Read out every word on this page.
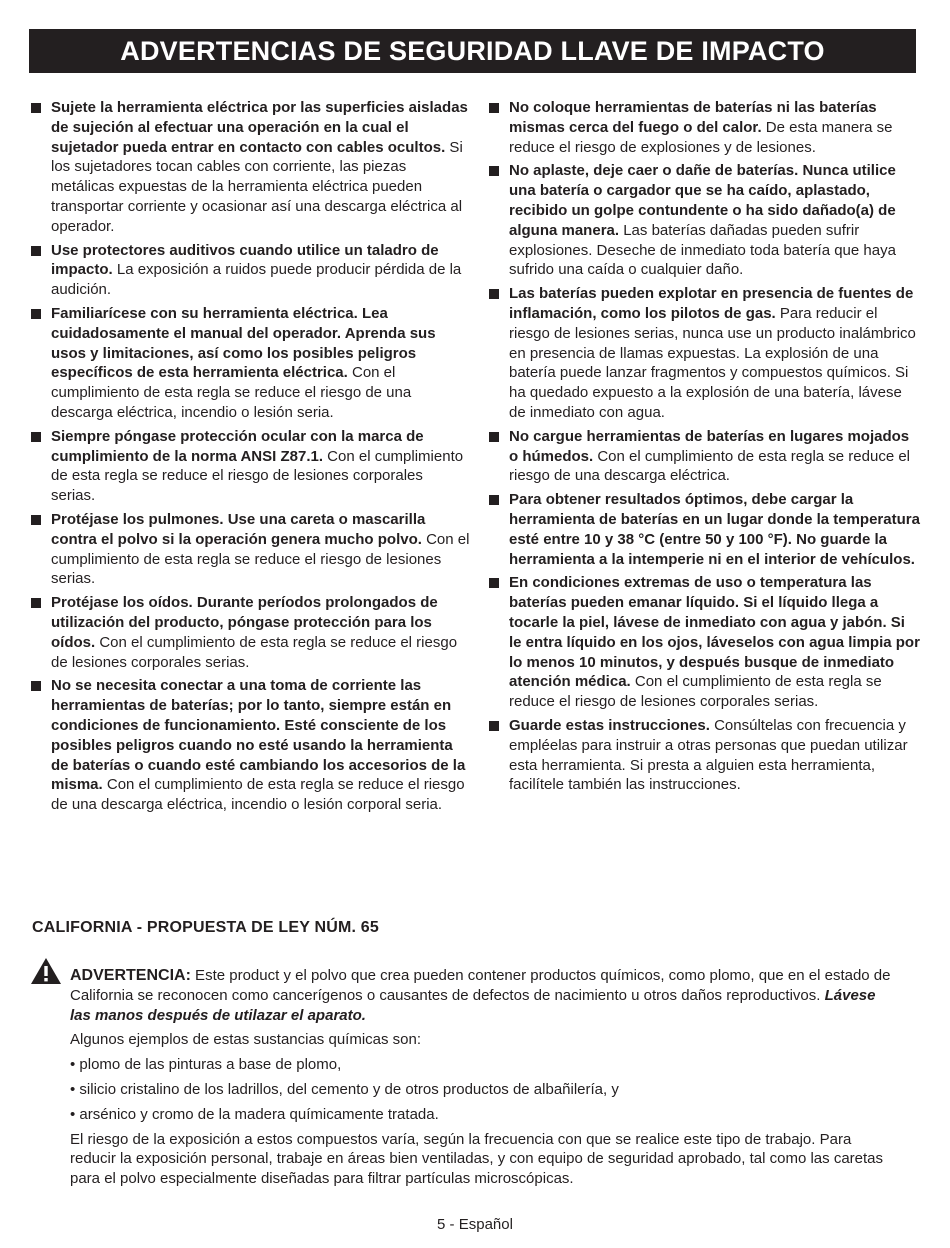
ADVERTENCIAS DE SEGURIDAD LLAVE DE IMPACTO
Sujete la herramienta eléctrica por las superficies aisladas de sujeción al efectuar una operación en la cual el sujetador pueda entrar en contacto con cables ocultos. Si los sujetadores tocan cables con corriente, las piezas metálicas expuestas de la herramienta eléctrica pueden transportar corriente y ocasionar así una descarga eléctrica al operador.
Use protectores auditivos cuando utilice un taladro de impacto. La exposición a ruidos puede producir pérdida de la audición.
Familiarícese con su herramienta eléctrica. Lea cuidadosamente el manual del operador. Aprenda sus usos y limitaciones, así como los posibles peligros específicos de esta herramienta eléctrica. Con el cumplimiento de esta regla se reduce el riesgo de una descarga eléctrica, incendio o lesión seria.
Siempre póngase protección ocular con la marca de cumplimiento de la norma ANSI Z87.1. Con el cumplimiento de esta regla se reduce el riesgo de lesiones corporales serias.
Protéjase los pulmones. Use una careta o mascarilla contra el polvo si la operación genera mucho polvo. Con el cumplimiento de esta regla se reduce el riesgo de lesiones serias.
Protéjase los oídos. Durante períodos prolongados de utilización del producto, póngase protección para los oídos. Con el cumplimiento de esta regla se reduce el riesgo de lesiones corporales serias.
No se necesita conectar a una toma de corriente las herramientas de baterías; por lo tanto, siempre están en condiciones de funcionamiento. Esté consciente de los posibles peligros cuando no esté usando la herramienta de baterías o cuando esté cambiando los accesorios de la misma. Con el cumplimiento de esta regla se reduce el riesgo de una descarga eléctrica, incendio o lesión corporal seria.
No coloque herramientas de baterías ni las baterías mismas cerca del fuego o del calor. De esta manera se reduce el riesgo de explosiones y de lesiones.
No aplaste, deje caer o dañe de baterías. Nunca utilice una batería o cargador que se ha caído, aplastado, recibido un golpe contundente o ha sido dañado(a) de alguna manera. Las baterías dañadas pueden sufrir explosiones. Deseche de inmediato toda batería que haya sufrido una caída o cualquier daño.
Las baterías pueden explotar en presencia de fuentes de inflamación, como los pilotos de gas. Para reducir el riesgo de lesiones serias, nunca use un producto inalámbrico en presencia de llamas expuestas. La explosión de una batería puede lanzar fragmentos y compuestos químicos. Si ha quedado expuesto a la explosión de una batería, lávese de inmediato con agua.
No cargue herramientas de baterías en lugares mojados o húmedos. Con el cumplimiento de esta regla se reduce el riesgo de una descarga eléctrica.
Para obtener resultados óptimos, debe cargar la herramienta de baterías en un lugar donde la temperatura esté entre 10 y 38 °C (entre 50 y 100 °F). No guarde la herramienta a la intemperie ni en el interior de vehículos.
En condiciones extremas de uso o temperatura las baterías pueden emanar líquido. Si el líquido llega a tocarle la piel, lávese de inmediato con agua y jabón. Si le entra líquido en los ojos, láveselos con agua limpia por lo menos 10 minutos, y después busque de inmediato atención médica. Con el cumplimiento de esta regla se reduce el riesgo de lesiones corporales serias.
Guarde estas instrucciones. Consúltelas con frecuencia y empléelas para instruir a otras personas que puedan utilizar esta herramienta. Si presta a alguien esta herramienta, facilítele también las instrucciones.
CALIFORNIA - PROPUESTA DE LEY NÚM. 65

ADVERTENCIA: Este product y el polvo que crea pueden contener productos químicos, como plomo, que en el estado de California se reconocen como cancerígenos o causantes de defectos de nacimiento u otros daños reproductivos. Lávese las manos después de utilazar el aparato.

Algunos ejemplos de estas sustancias químicas son:

• plomo de las pinturas a base de plomo,
• silicio cristalino de los ladrillos, del cemento y de otros productos de albañilería, y
• arsénico y cromo de la madera químicamente tratada.

El riesgo de la exposición a estos compuestos varía, según la frecuencia con que se realice este tipo de trabajo. Para reducir la exposición personal, trabaje en áreas bien ventiladas, y con equipo de seguridad aprobado, tal como las caretas para el polvo especialmente diseñadas para filtrar partículas microscópicas.

5 - Español
